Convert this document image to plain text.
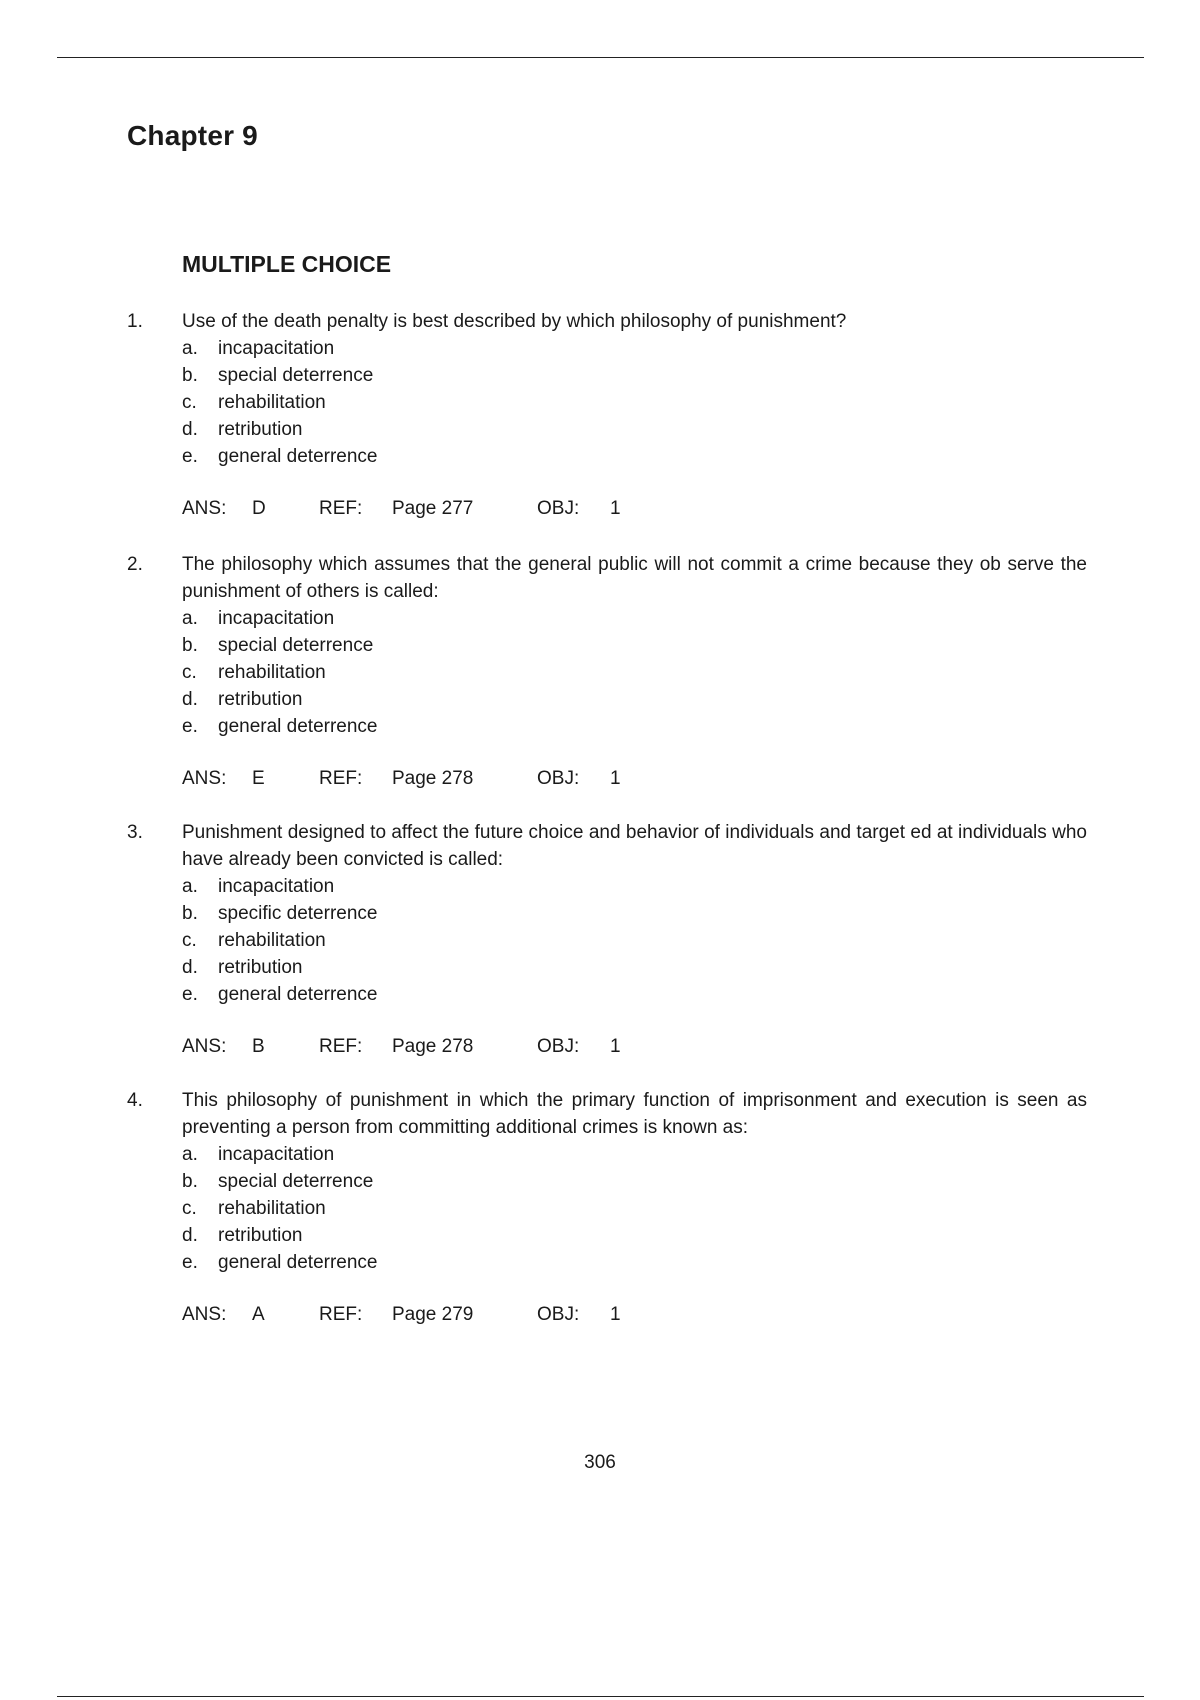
Chapter 9
MULTIPLE CHOICE
1. Use of the death penalty is best described by which philosophy of punishment?
a. incapacitation
b. special deterrence
c. rehabilitation
d. retribution
e. general deterrence
ANS: D	REF: Page 277	OBJ: 1
2. The philosophy which assumes that the general public will not commit a crime because they ob serve the punishment of others is called:
a. incapacitation
b. special deterrence
c. rehabilitation
d. retribution
e. general deterrence
ANS: E	REF: Page 278	OBJ: 1
3. Punishment designed to affect the future choice and behavior of individuals and target ed at individuals who have already been convicted is called:
a. incapacitation
b. specific deterrence
c. rehabilitation
d. retribution
e. general deterrence
ANS: B	REF: Page 278	OBJ: 1
4. This philosophy of punishment in which the primary function of imprisonment and execution is seen as preventing a person from committing additional crimes is known as:
a. incapacitation
b. special deterrence
c. rehabilitation
d. retribution
e. general deterrence
ANS: A	REF: Page 279	OBJ: 1
306
